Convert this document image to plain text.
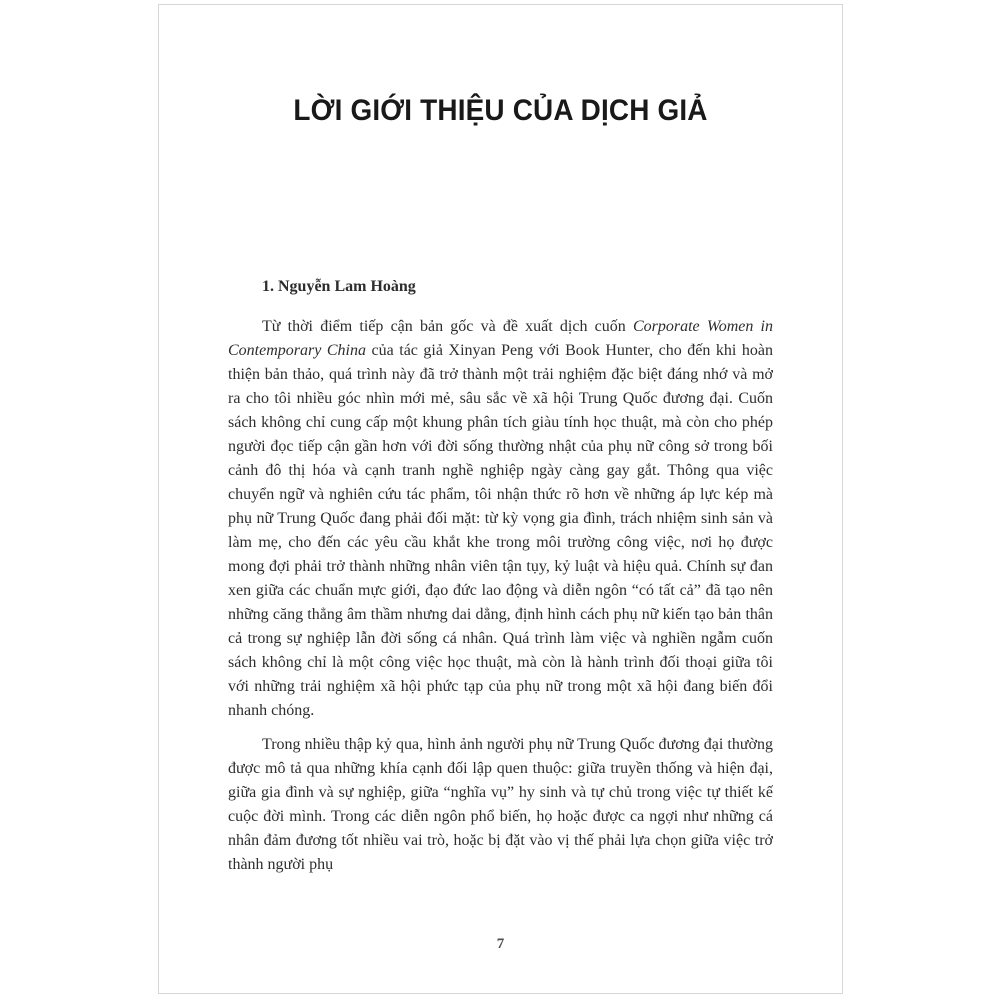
LỜI GIỚI THIỆU CỦA DỊCH GIẢ

1. Nguyễn Lam Hoàng

Từ thời điểm tiếp cận bản gốc và đề xuất dịch cuốn Corporate Women in Contemporary China của tác giả Xinyan Peng với Book Hunter, cho đến khi hoàn thiện bản thảo, quá trình này đã trở thành một trải nghiệm đặc biệt đáng nhớ và mở ra cho tôi nhiều góc nhìn mới mẻ, sâu sắc về xã hội Trung Quốc đương đại. Cuốn sách không chỉ cung cấp một khung phân tích giàu tính học thuật, mà còn cho phép người đọc tiếp cận gần hơn với đời sống thường nhật của phụ nữ công sở trong bối cảnh đô thị hóa và cạnh tranh nghề nghiệp ngày càng gay gắt. Thông qua việc chuyển ngữ và nghiên cứu tác phẩm, tôi nhận thức rõ hơn về những áp lực kép mà phụ nữ Trung Quốc đang phải đối mặt: từ kỳ vọng gia đình, trách nhiệm sinh sản và làm mẹ, cho đến các yêu cầu khắt khe trong môi trường công việc, nơi họ được mong đợi phải trở thành những nhân viên tận tụy, kỷ luật và hiệu quả. Chính sự đan xen giữa các chuẩn mực giới, đạo đức lao động và diễn ngôn “có tất cả” đã tạo nên những căng thẳng âm thầm nhưng dai dẳng, định hình cách phụ nữ kiến tạo bản thân cả trong sự nghiệp lẫn đời sống cá nhân. Quá trình làm việc và nghiền ngẫm cuốn sách không chỉ là một công việc học thuật, mà còn là hành trình đối thoại giữa tôi với những trải nghiệm xã hội phức tạp của phụ nữ trong một xã hội đang biến đổi nhanh chóng.

Trong nhiều thập kỷ qua, hình ảnh người phụ nữ Trung Quốc đương đại thường được mô tả qua những khía cạnh đối lập quen thuộc: giữa truyền thống và hiện đại, giữa gia đình và sự nghiệp, giữa “nghĩa vụ” hy sinh và tự chủ trong việc tự thiết kế cuộc đời mình. Trong các diễn ngôn phổ biến, họ hoặc được ca ngợi như những cá nhân đảm đương tốt nhiều vai trò, hoặc bị đặt vào vị thế phải lựa chọn giữa việc trở thành người phụ

7
